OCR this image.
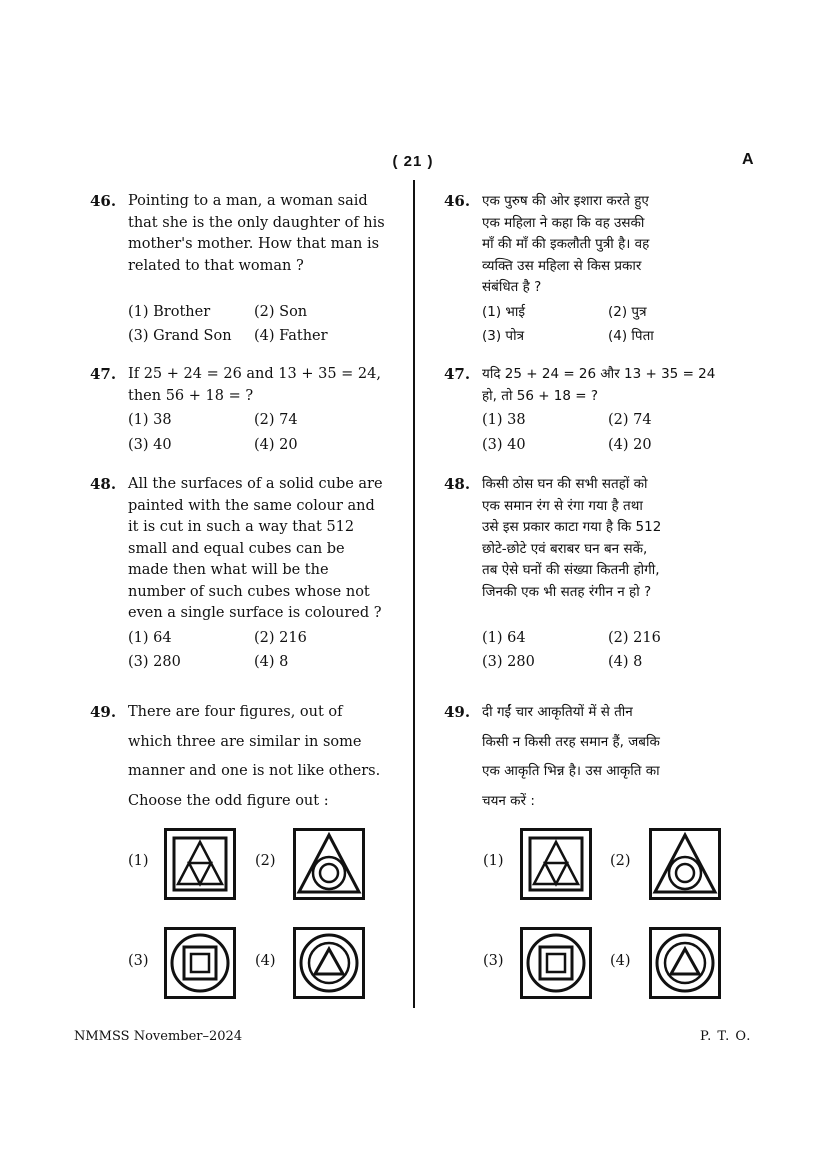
( 21 )	A
46. Pointing to a man, a woman said
that she is the only daughter of his
mother's mother. How that man is
related to that woman ?
(1) Brother	(2) Son
(3) Grand Son (4) Father
47. If 25 + 24 = 26 and 13 + 35 = 24,
then 56 + 18 = ?
(1) 38	(2) 74
(3) 40	(4) 20
48. All the surfaces of a solid cube are
painted with the same colour and
it is cut in such a way that 512
small and equal cubes can be
made then what will be the
number of such cubes whose not
even a single surface is coloured ?
(1) 64	(2) 216
(3) 280	(4) 8
49. There are four figures, out of
which three are similar in some
manner and one is not like others.
Choose the odd figure out :
(1)	(2)
(3)	(4)
46. एक पुरुष की ओर इशारा करते हुए
एक महिला ने कहा कि वह उसकी
माँ की माँ की इकलौती पुत्री है। वह
व्यक्ति उस महिला से किस प्रकार
संबंधित है ?
(1) भाई	(2) पुत्र
(3) पोत्र	(4) पिता
47. यदि 25 + 24 = 26 और 13 + 35 = 24
हो, तो 56 + 18 = ?
(1) 38	(2) 74
(3) 40	(4) 20
48. किसी ठोस घन की सभी सतहों को
एक समान रंग से रंगा गया है तथा
उसे इस प्रकार काटा गया है कि 512
छोटे-छोटे एवं बराबर घन बन सकें,
तब ऐसे घनों की संख्या कितनी होगी,
जिनकी एक भी सतह रंगीन न हो ?
(1) 64	(2) 216
(3) 280	(4) 8
49. दी गईं चार आकृतियों में से तीन
किसी न किसी तरह समान हैं, जबकि
एक आकृति भिन्न है। उस आकृति का
चयन करें :
(1)	(2)
(3)	(4)
NMMSS November–2024	P. T. O.
